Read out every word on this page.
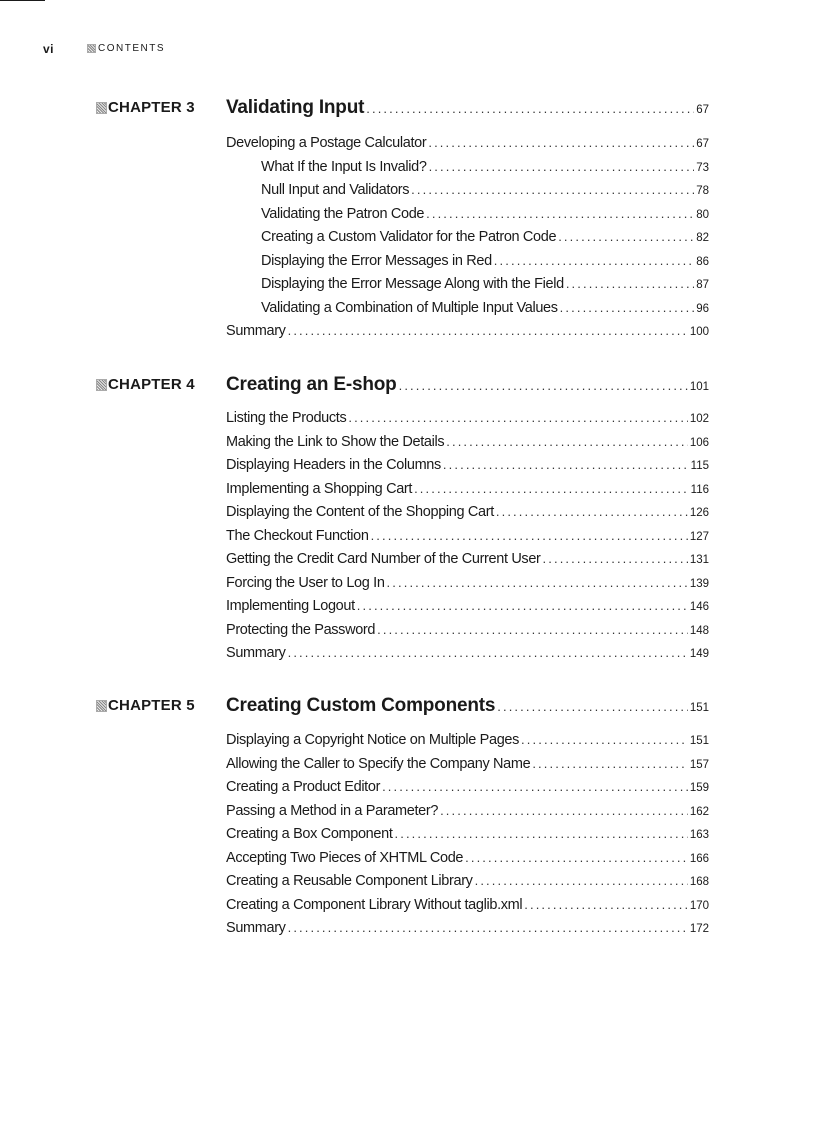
vi	CONTENTS
CHAPTER 3 Validating Input . . .	67
Developing a Postage Calculator . . .	67
What If the Input Is Invalid? . . .	73
Null Input and Validators . . .	78
Validating the Patron Code . . .	80
Creating a Custom Validator for the Patron Code . . .	82
Displaying the Error Messages in Red . . .	86
Displaying the Error Message Along with the Field . . .	87
Validating a Combination of Multiple Input Values . . .	96
Summary . . .	100
CHAPTER 4 Creating an E-shop . . .	101
Listing the Products . . .	102
Making the Link to Show the Details . . .	106
Displaying Headers in the Columns . . .	115
Implementing a Shopping Cart . . .	116
Displaying the Content of the Shopping Cart . . .	126
The Checkout Function . . .	127
Getting the Credit Card Number of the Current User . . .	131
Forcing the User to Log In . . .	139
Implementing Logout . . .	146
Protecting the Password . . .	148
Summary . . .	149
CHAPTER 5 Creating Custom Components . . .	151
Displaying a Copyright Notice on Multiple Pages . . .	151
Allowing the Caller to Specify the Company Name . . .	157
Creating a Product Editor . . .	159
Passing a Method in a Parameter? . . .	162
Creating a Box Component . . .	163
Accepting Two Pieces of XHTML Code . . .	166
Creating a Reusable Component Library . . .	168
Creating a Component Library Without taglib.xml . . .	170
Summary . . .	172
